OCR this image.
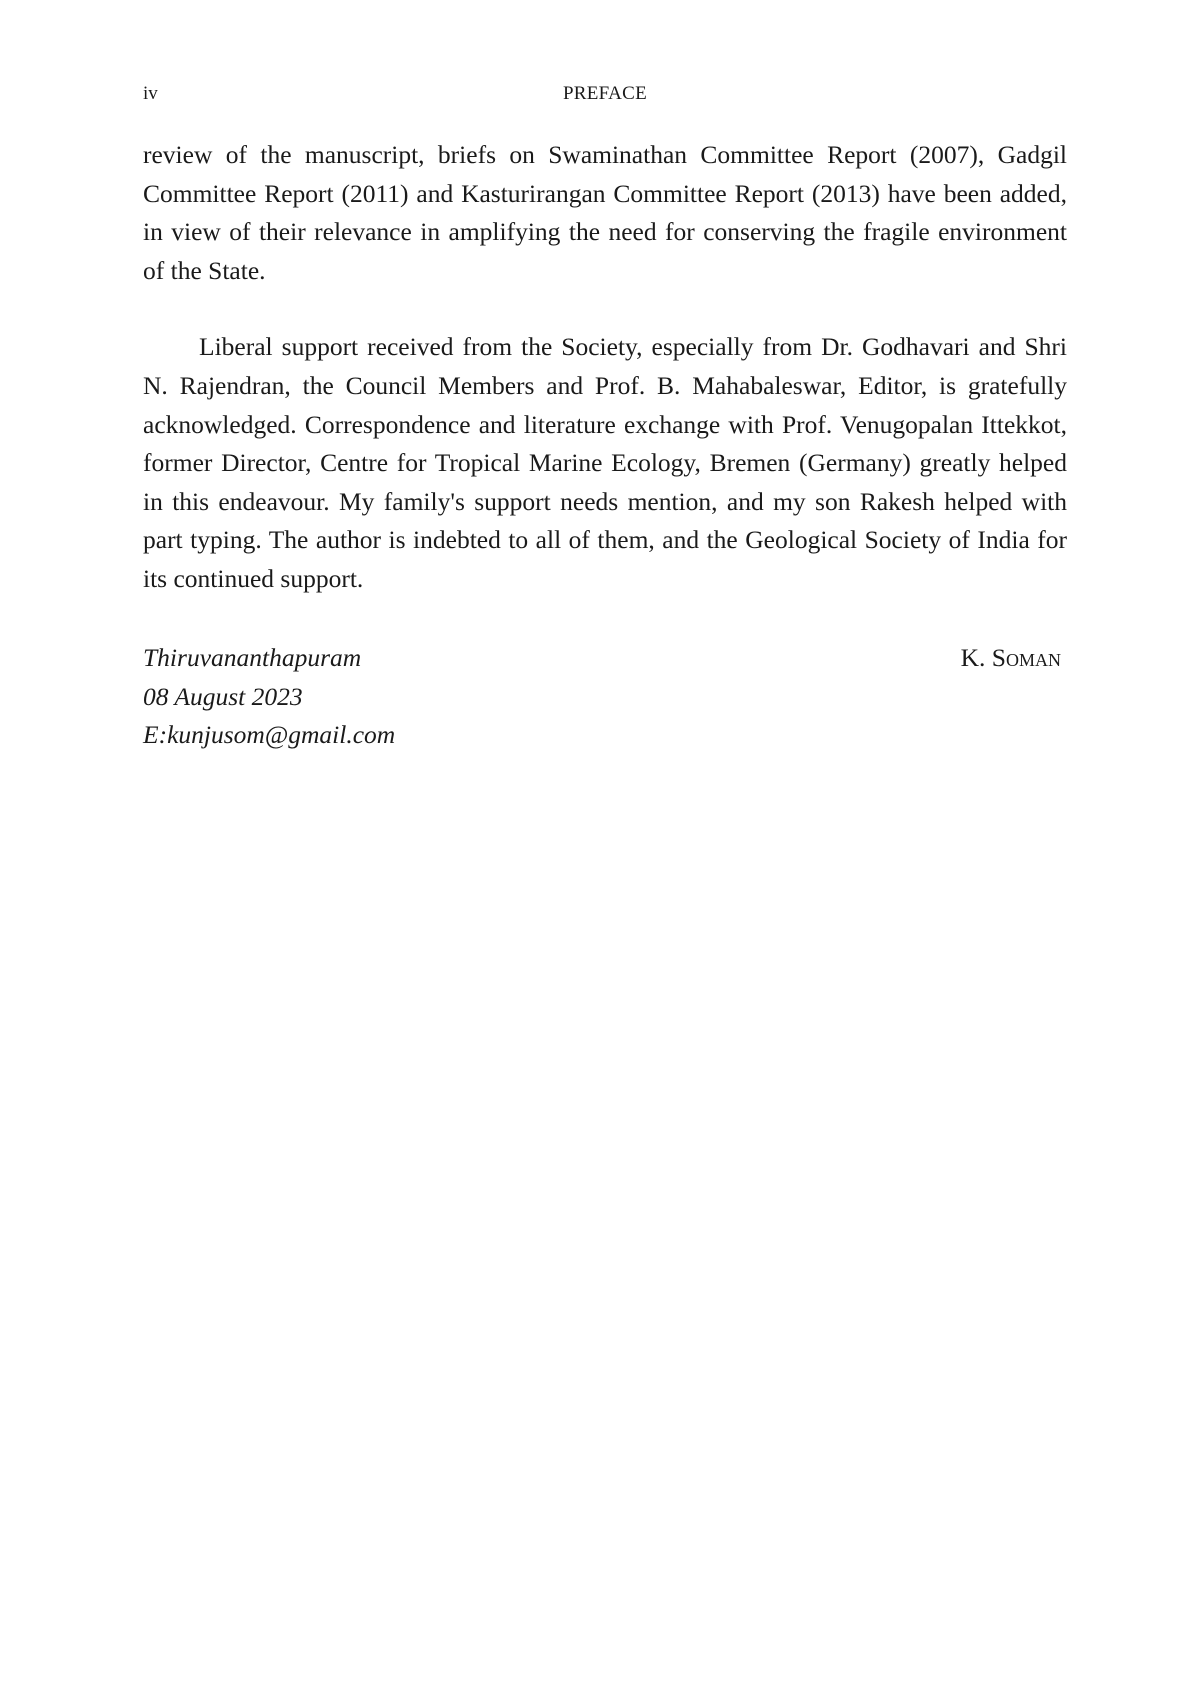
iv	PREFACE

review of the manuscript, briefs on Swaminathan Committee Report (2007), Gadgil Committee Report (2011) and Kasturirangan Committee Report (2013) have been added, in view of their relevance in amplifying the need for conserving the fragile environment of the State.

Liberal support received from the Society, especially from Dr. Godhavari and Shri N. Rajendran, the Council Members and Prof. B. Mahabaleswar, Editor, is gratefully acknowledged. Correspondence and literature exchange with Prof. Venugopalan Ittekkot, former Director, Centre for Tropical Marine Ecology, Bremen (Germany) greatly helped in this endeavour. My family's support needs mention, and my son Rakesh helped with part typing. The author is indebted to all of them, and the Geological Society of India for its continued support.

Thiruvananthapuram
08 August 2023
E:kunjusom@gmail.com
K. Soman
